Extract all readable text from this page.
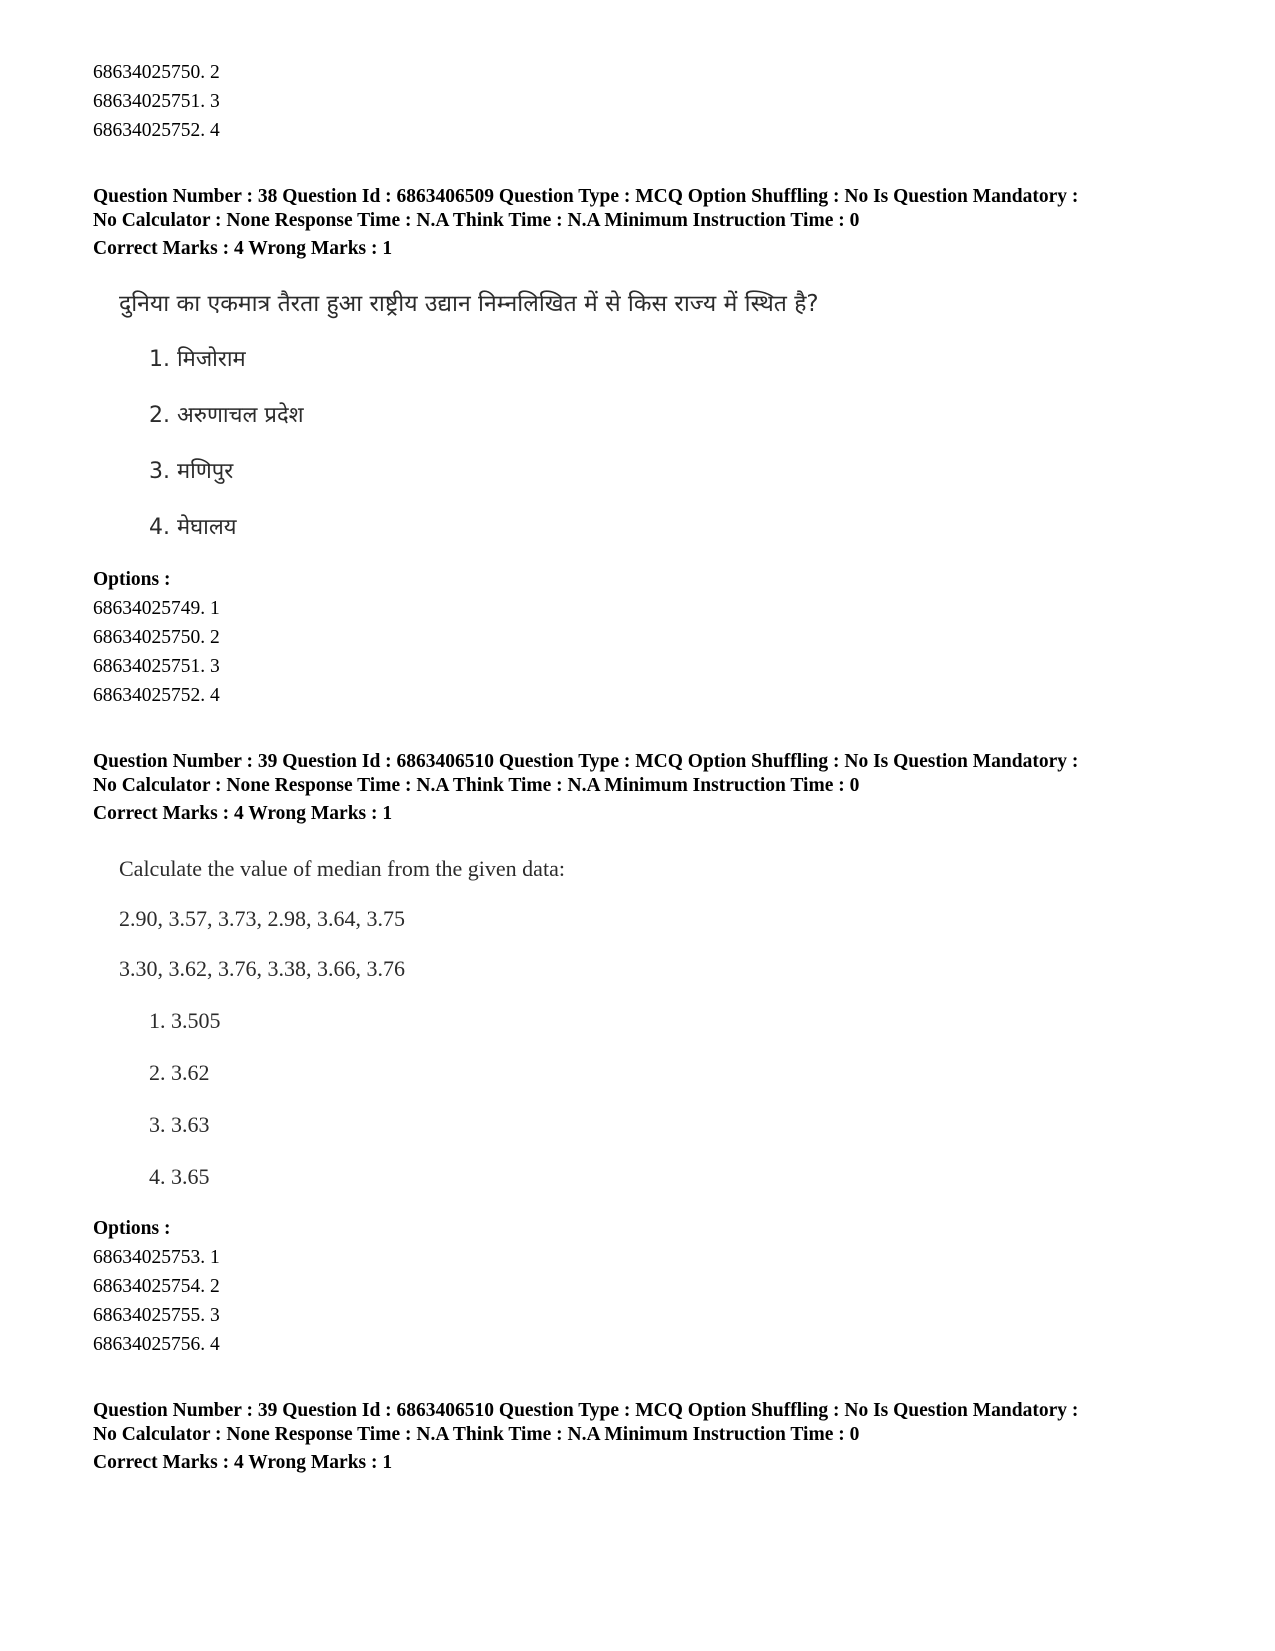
68634025750. 2
68634025751. 3
68634025752. 4
Question Number : 38 Question Id : 6863406509 Question Type : MCQ Option Shuffling : No Is Question Mandatory :
No Calculator : None Response Time : N.A Think Time : N.A Minimum Instruction Time : 0
Correct Marks : 4 Wrong Marks : 1
दुनिया का एकमात्र तैरता हुआ राष्ट्रीय उद्यान निम्नलिखित में से किस राज्य में स्थित है?
1. मिजोराम
2. अरुणाचल प्रदेश
3. मणिपुर
4. मेघालय
Options :
68634025749. 1
68634025750. 2
68634025751. 3
68634025752. 4
Question Number : 39 Question Id : 6863406510 Question Type : MCQ Option Shuffling : No Is Question Mandatory :
No Calculator : None Response Time : N.A Think Time : N.A Minimum Instruction Time : 0
Correct Marks : 4 Wrong Marks : 1
Calculate the value of median from the given data:
2.90, 3.57, 3.73, 2.98, 3.64, 3.75
3.30, 3.62, 3.76, 3.38, 3.66, 3.76
1. 3.505
2. 3.62
3. 3.63
4. 3.65
Options :
68634025753. 1
68634025754. 2
68634025755. 3
68634025756. 4
Question Number : 39 Question Id : 6863406510 Question Type : MCQ Option Shuffling : No Is Question Mandatory :
No Calculator : None Response Time : N.A Think Time : N.A Minimum Instruction Time : 0
Correct Marks : 4 Wrong Marks : 1
